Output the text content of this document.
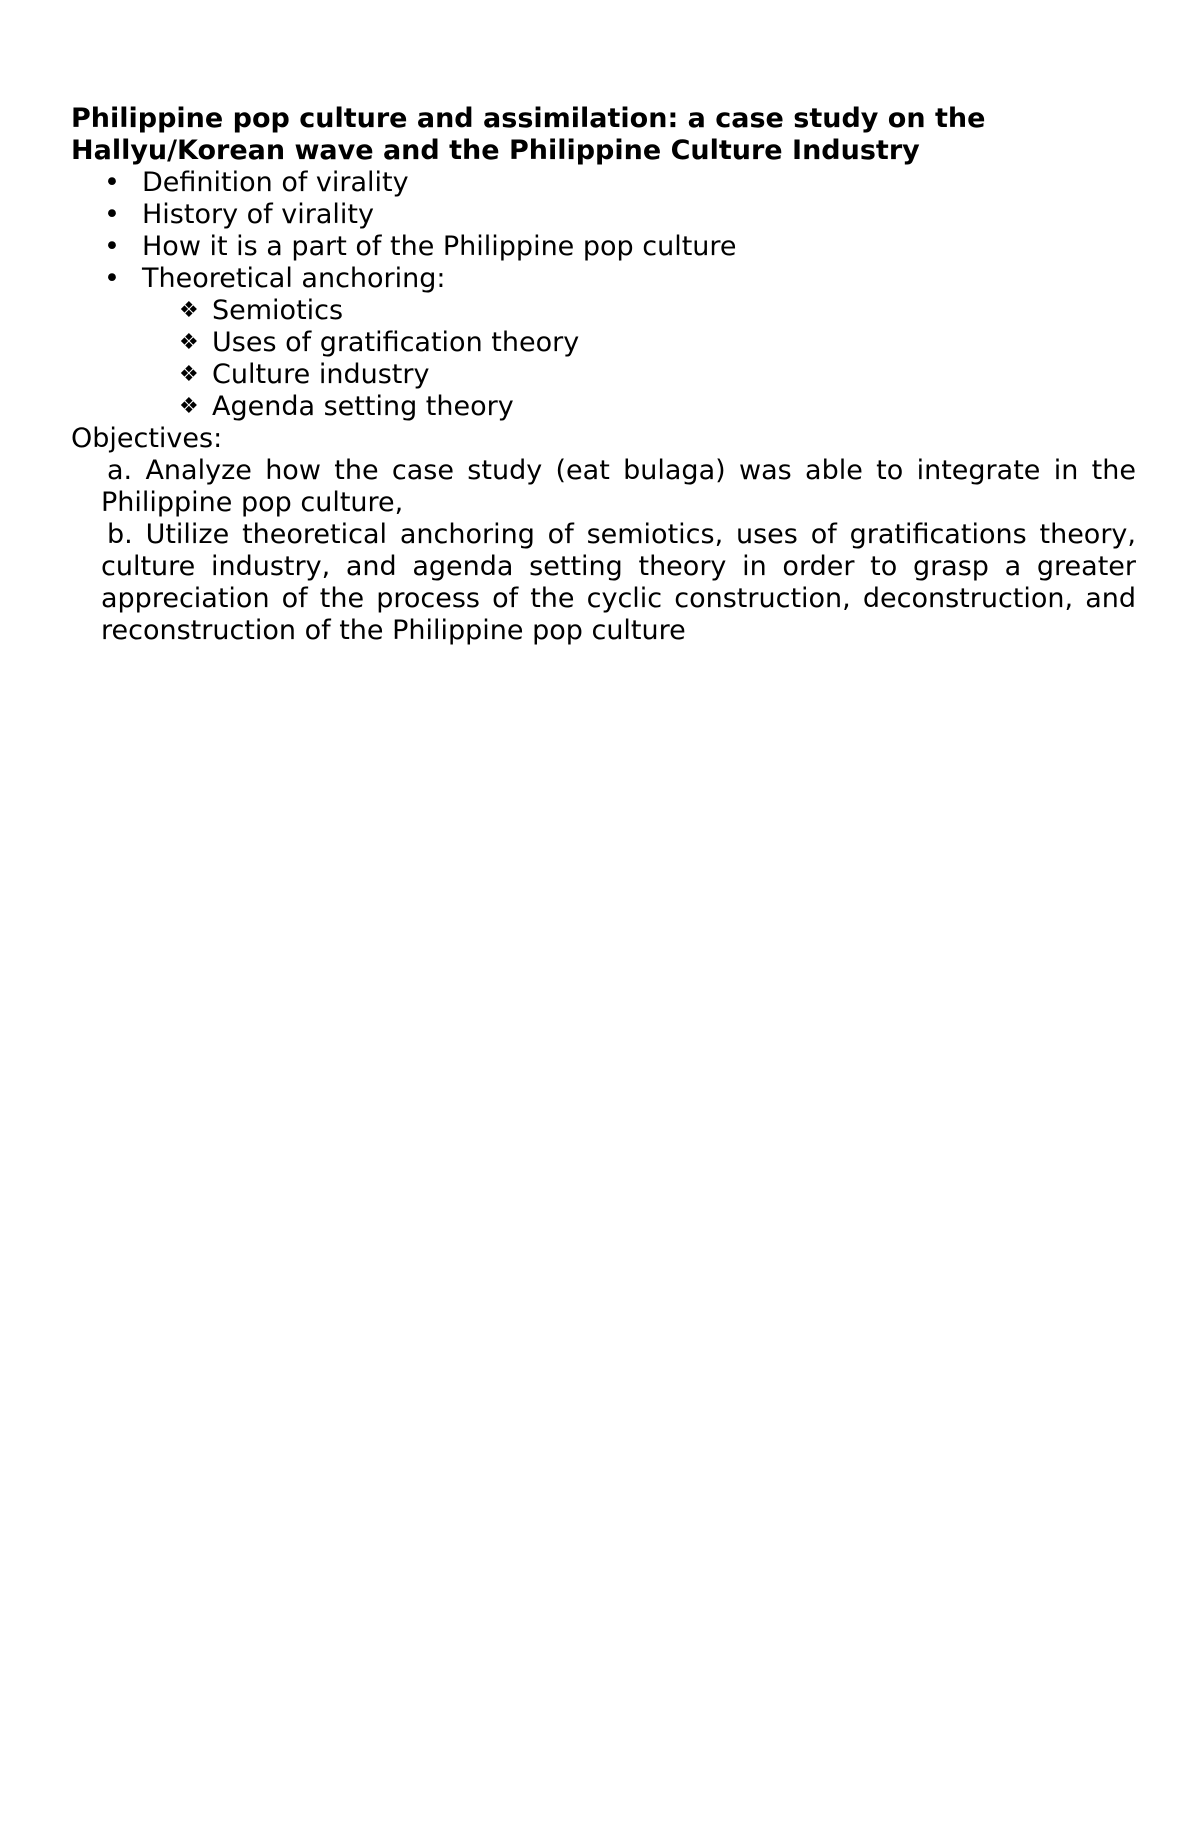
Philippine pop culture and assimilation: a case study on the Hallyu/Korean wave and the Philippine Culture Industry

• Definition of virality
• History of virality
• How it is a part of the Philippine pop culture
• Theoretical anchoring:
❖ Semiotics
❖ Uses of gratification theory
❖ Culture industry
❖ Agenda setting theory
Objectives:
a. Analyze how the case study (eat bulaga) was able to integrate in the Philippine pop culture,
b. Utilize theoretical anchoring of semiotics, uses of gratifications theory, culture industry, and agenda setting theory in order to grasp a greater appreciation of the process of the cyclic construction, deconstruction, and reconstruction of the Philippine pop culture
